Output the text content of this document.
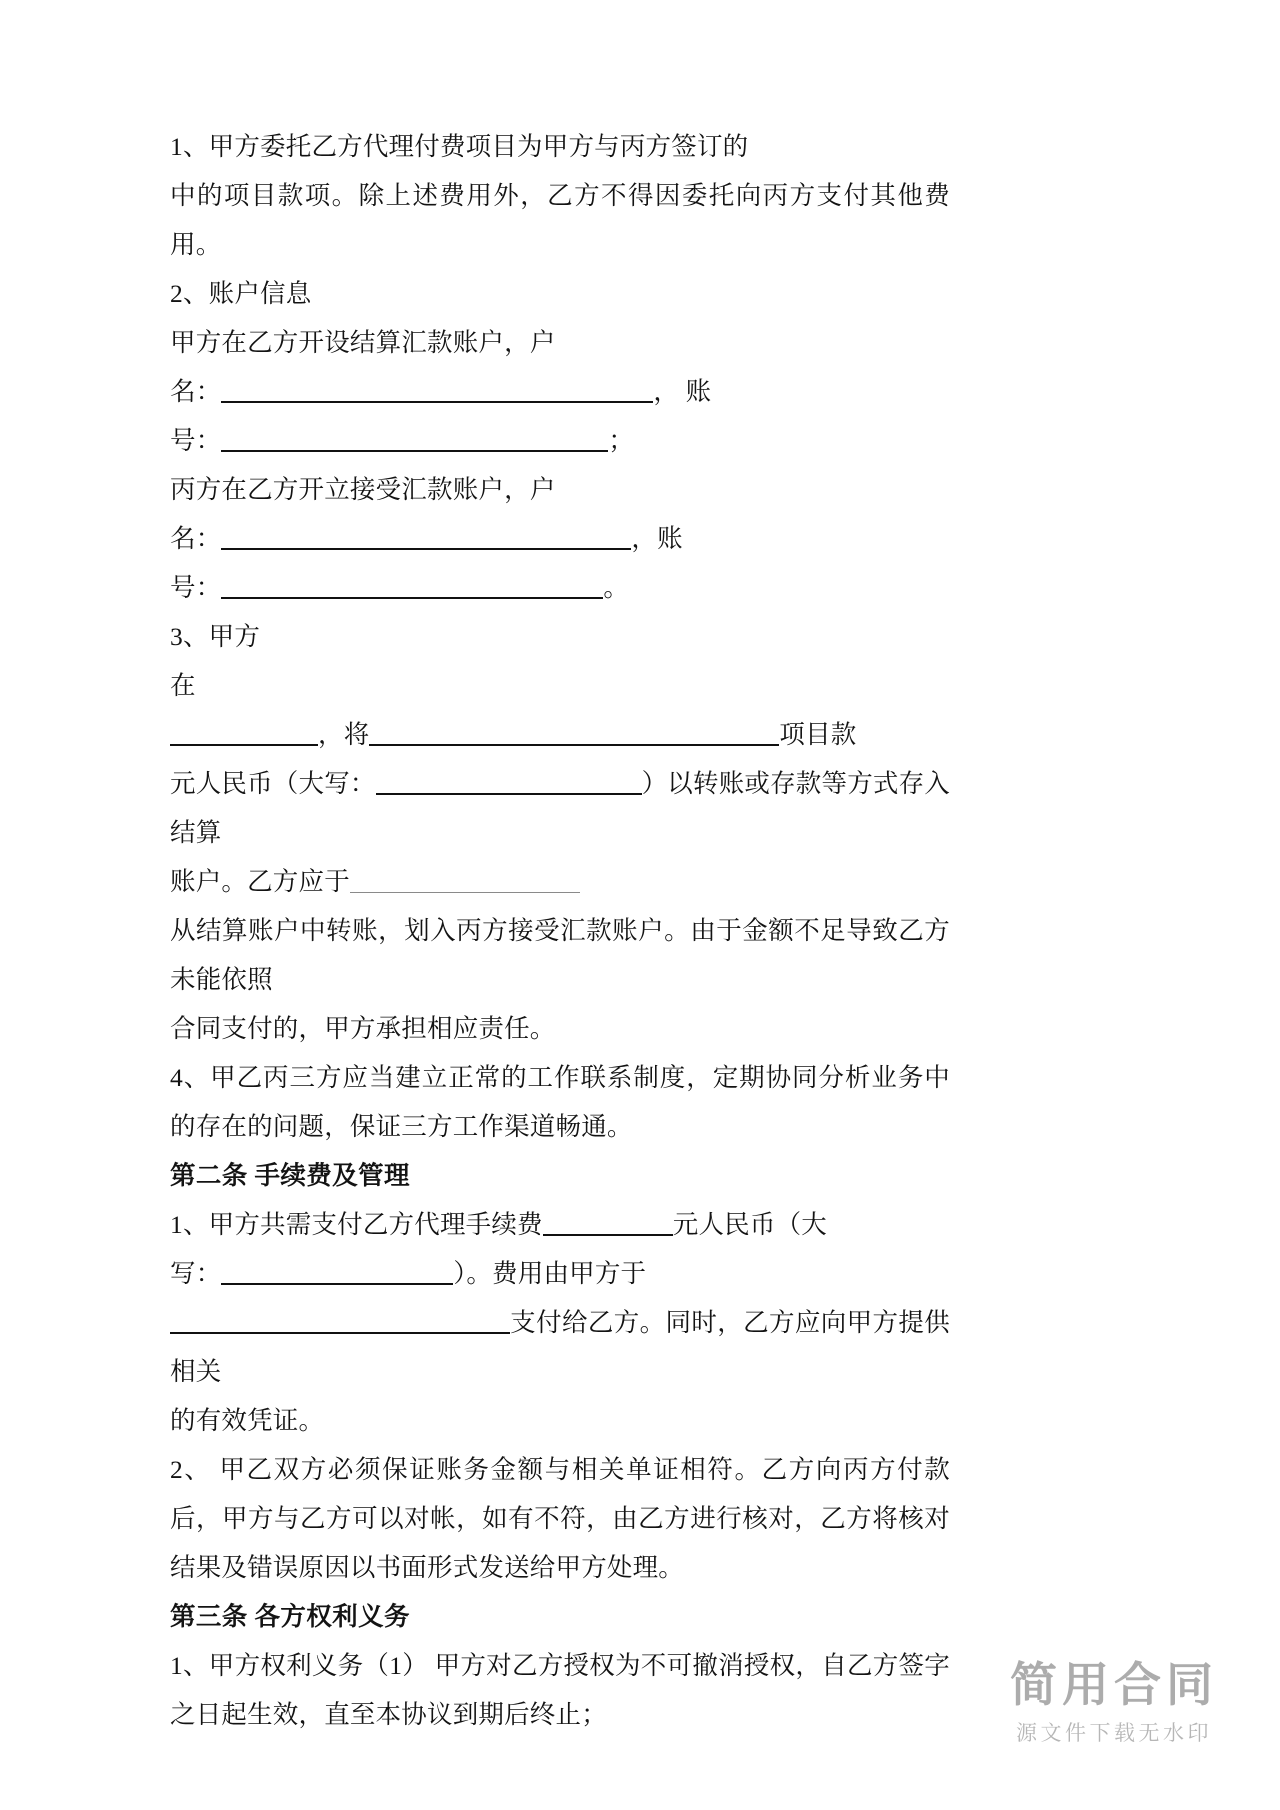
1、甲方委托乙方代理付费项目为甲方与丙方签订的

中的项目款项。除上述费用外，乙方不得因委托向丙方支付其他费用。

2、账户信息

甲方在乙方开设结算汇款账户，户

名：	， 账

号：	；

丙方在乙方开立接受汇款账户，户

名：	，账

号：	。

3、甲方

在

，将	项目款

元人民币（大写：	）以转账或存款等方式存入结算

账户。乙方应于

从结算账户中转账，划入丙方接受汇款账户。由于金额不足导致乙方未能依照

合同支付的，甲方承担相应责任。

4、甲乙丙三方应当建立正常的工作联系制度，定期协同分析业务中的存在的问题，保证三方工作渠道畅通。

第二条 手续费及管理

1、甲方共需支付乙方代理手续费	元人民币（大

写：	）。费用由甲方于

支付给乙方。同时，乙方应向甲方提供相关

的有效凭证。

2、 甲乙双方必须保证账务金额与相关单证相符。乙方向丙方付款后，甲方与乙方可以对帐，如有不符，由乙方进行核对，乙方将核对结果及错误原因以书面形式发送给甲方处理。

第三条 各方权利义务

1、甲方权利义务（1） 甲方对乙方授权为不可撤消授权，自乙方签字之日起生效，直至本协议到期后终止；

简用合同
源文件下载无水印
